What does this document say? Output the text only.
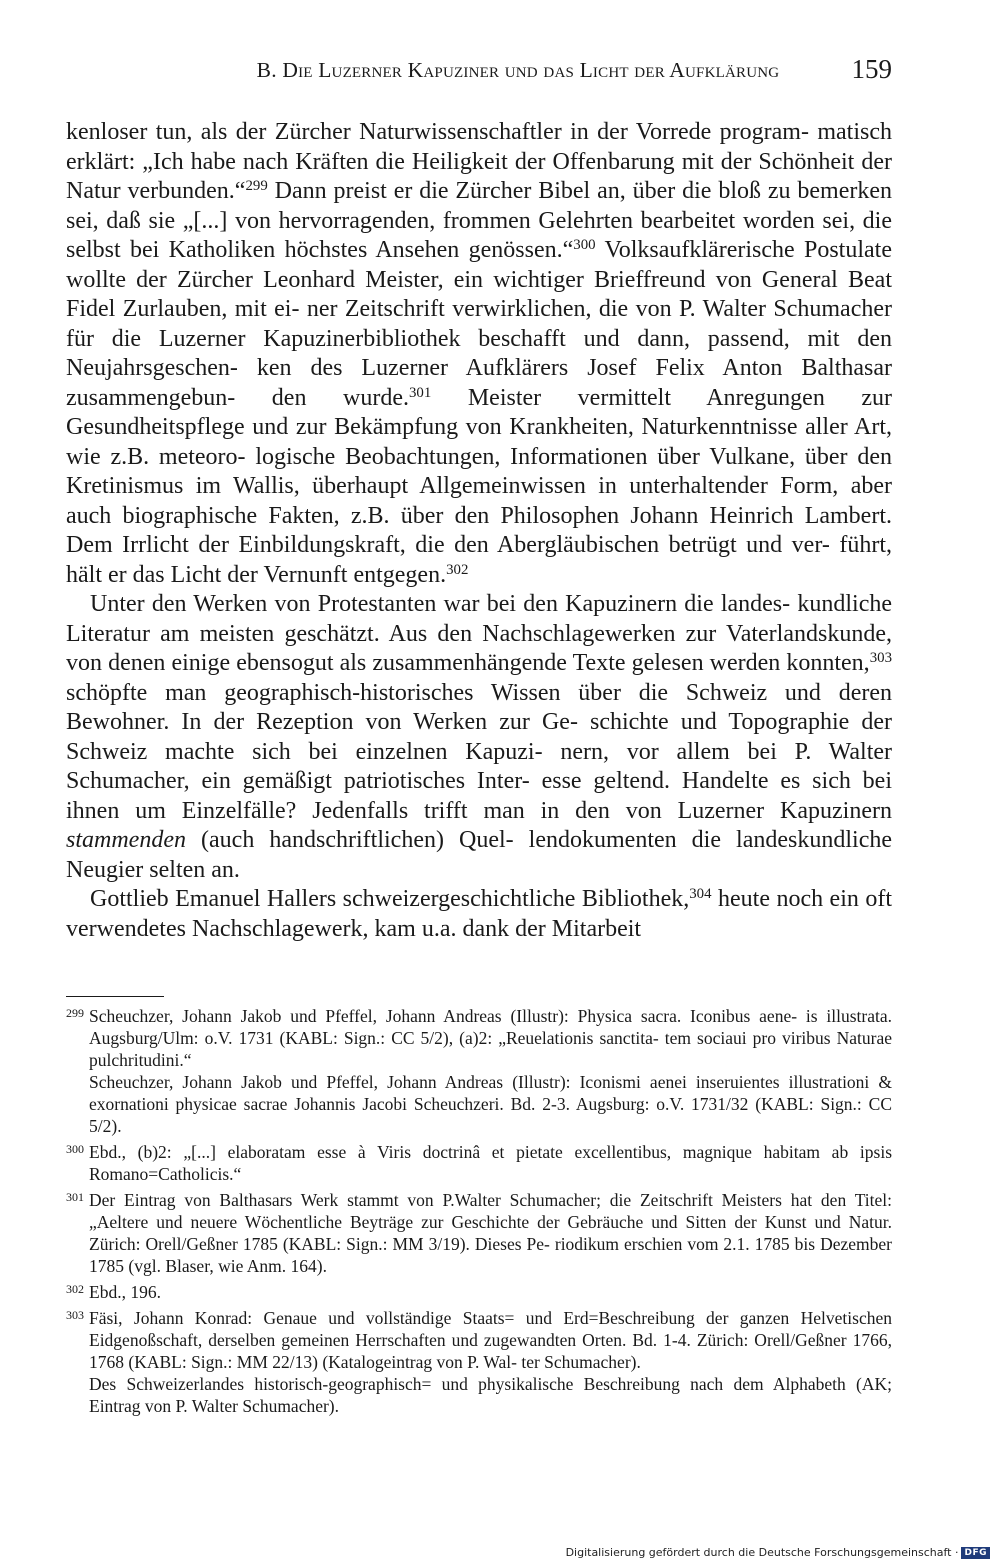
B. Die Luzerner Kapuziner und das Licht der Aufklärung	159

kenloser tun, als der Zürcher Naturwissenschaftler in der Vorrede program- matisch erklärt: „Ich habe nach Kräften die Heiligkeit der Offenbarung mit der Schönheit der Natur verbunden.“$^{299}$ Dann preist er die Zürcher Bibel an, über die bloß zu bemerken sei, daß sie „[...] von hervorragenden, frommen Gelehrten bearbeitet worden sei, die selbst bei Katholiken höchstes Ansehen genössen.“$^{300}$ Volksaufklärerische Postulate wollte der Zürcher Leonhard Meister, ein wichtiger Brieffreund von General Beat Fidel Zurlauben, mit ei- ner Zeitschrift verwirklichen, die von P. Walter Schumacher für die Luzerner Kapuzinerbibliothek beschafft und dann, passend, mit den Neujahrsgeschen- ken des Luzerner Aufklärers Josef Felix Anton Balthasar zusammengebun- den wurde.$^{301}$ Meister vermittelt Anregungen zur Gesundheitspflege und zur Bekämpfung von Krankheiten, Naturkenntnisse aller Art, wie z.B. meteoro- logische Beobachtungen, Informationen über Vulkane, über den Kretinismus im Wallis, überhaupt Allgemeinwissen in unterhaltender Form, aber auch biographische Fakten, z.B. über den Philosophen Johann Heinrich Lambert. Dem Irrlicht der Einbildungskraft, die den Abergläubischen betrügt und ver- führt, hält er das Licht der Vernunft entgegen.$^{302}$

Unter den Werken von Protestanten war bei den Kapuzinern die landes- kundliche Literatur am meisten geschätzt. Aus den Nachschlagewerken zur Vaterlandskunde, von denen einige ebensogut als zusammenhängende Texte gelesen werden konnten,$^{303}$ schöpfte man geographisch-historisches Wissen über die Schweiz und deren Bewohner. In der Rezeption von Werken zur Ge- schichte und Topographie der Schweiz machte sich bei einzelnen Kapuzi- nern, vor allem bei P. Walter Schumacher, ein gemäßigt patriotisches Inter- esse geltend. Handelte es sich bei ihnen um Einzelfälle? Jedenfalls trifft man in den von Luzerner Kapuzinern stammenden (auch handschriftlichen) Quel- lendokumenten die landeskundliche Neugier selten an.

Gottlieb Emanuel Hallers schweizergeschichtliche Bibliothek,$^{304}$ heute noch ein oft verwendetes Nachschlagewerk, kam u.a. dank der Mitarbeit

299 Scheuchzer, Johann Jakob und Pfeffel, Johann Andreas (Illustr): Physica sacra. Iconibus aene- is illustrata. Augsburg/Ulm: o.V. 1731 (KABL: Sign.: CC 5/2), (a)2: „Reuelationis sanctita- tem sociaui pro viribus Naturae pulchritudini.“
Scheuchzer, Johann Jakob und Pfeffel, Johann Andreas (Illustr): Iconismi aenei inseruientes illustrationi & exornationi physicae sacrae Johannis Jacobi Scheuchzeri. Bd. 2-3. Augsburg: o.V. 1731/32 (KABL: Sign.: CC 5/2).
300 Ebd., (b)2: „[...] elaboratam esse à Viris doctrinâ et pietate excellentibus, magnique habitam ab ipsis Romano=Catholicis.“
301 Der Eintrag von Balthasars Werk stammt von P.Walter Schumacher; die Zeitschrift Meisters hat den Titel: „Aeltere und neuere Wöchentliche Beyträge zur Geschichte der Gebräuche und Sitten der Kunst und Natur. Zürich: Orell/Geßner 1785 (KABL: Sign.: MM 3/19). Dieses Pe- riodikum erschien vom 2.1. 1785 bis Dezember 1785 (vgl. Blaser, wie Anm. 164).
302 Ebd., 196.
303 Fäsi, Johann Konrad: Genaue und vollständige Staats= und Erd=Beschreibung der ganzen Helvetischen Eidgenoßschaft, derselben gemeinen Herrschaften und zugewandten Orten. Bd. 1-4. Zürich: Orell/Geßner 1766, 1768 (KABL: Sign.: MM 22/13) (Katalogeintrag von P. Wal- ter Schumacher).
Des Schweizerlandes historisch-geographisch= und physikalische Beschreibung nach dem Alphabeth (AK; Eintrag von P. Walter Schumacher).
Digitalisierung gefördert durch die Deutsche Forschungsgemeinschaft · DFG
